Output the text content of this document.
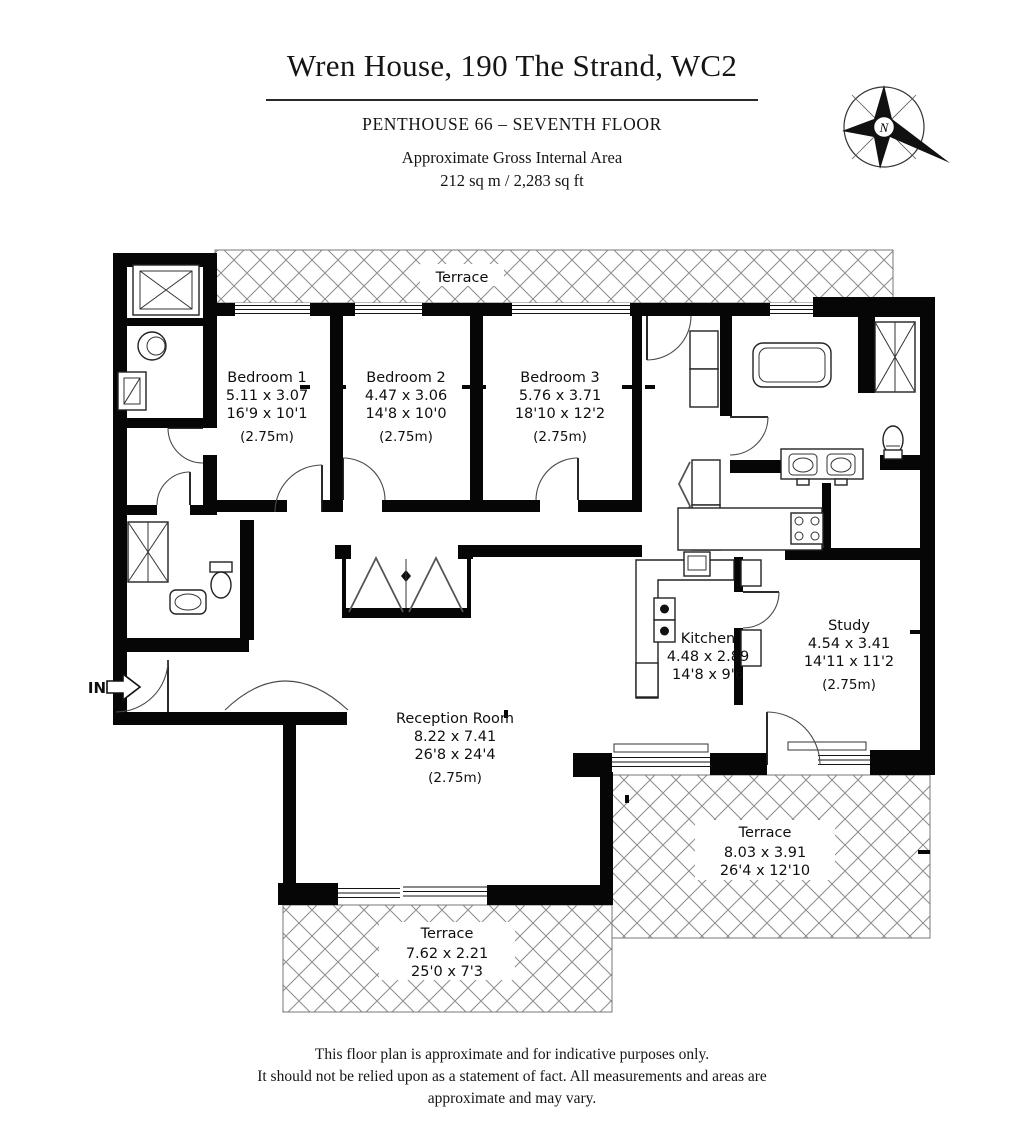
Wren House, 190 The Strand, WC2
PENTHOUSE 66 – SEVENTH FLOOR
Approximate Gross Internal Area
212 sq m / 2,283 sq ft
N
Terrace
Bedroom 1
5.11 x 3.07
16'9 x 10'1
(2.75m)
Bedroom 2
4.47 x 3.06
14'8 x 10'0
(2.75m)
Bedroom 3
5.76 x 3.71
18'10 x 12'2
(2.75m)
Kitchen
4.48 x 2.89
14'8 x 9'6
Study
4.54 x 3.41
14'11 x 11'2
(2.75m)
Reception Room
8.22 x 7.41
26'8 x 24'4
(2.75m)
Terrace
8.03 x 3.91
26'4 x 12'10
Terrace
7.62 x 2.21
25'0 x 7'3
IN
This floor plan is approximate and for indicative purposes only.
It should not be relied upon as a statement of fact. All measurements and areas are
approximate and may vary.
